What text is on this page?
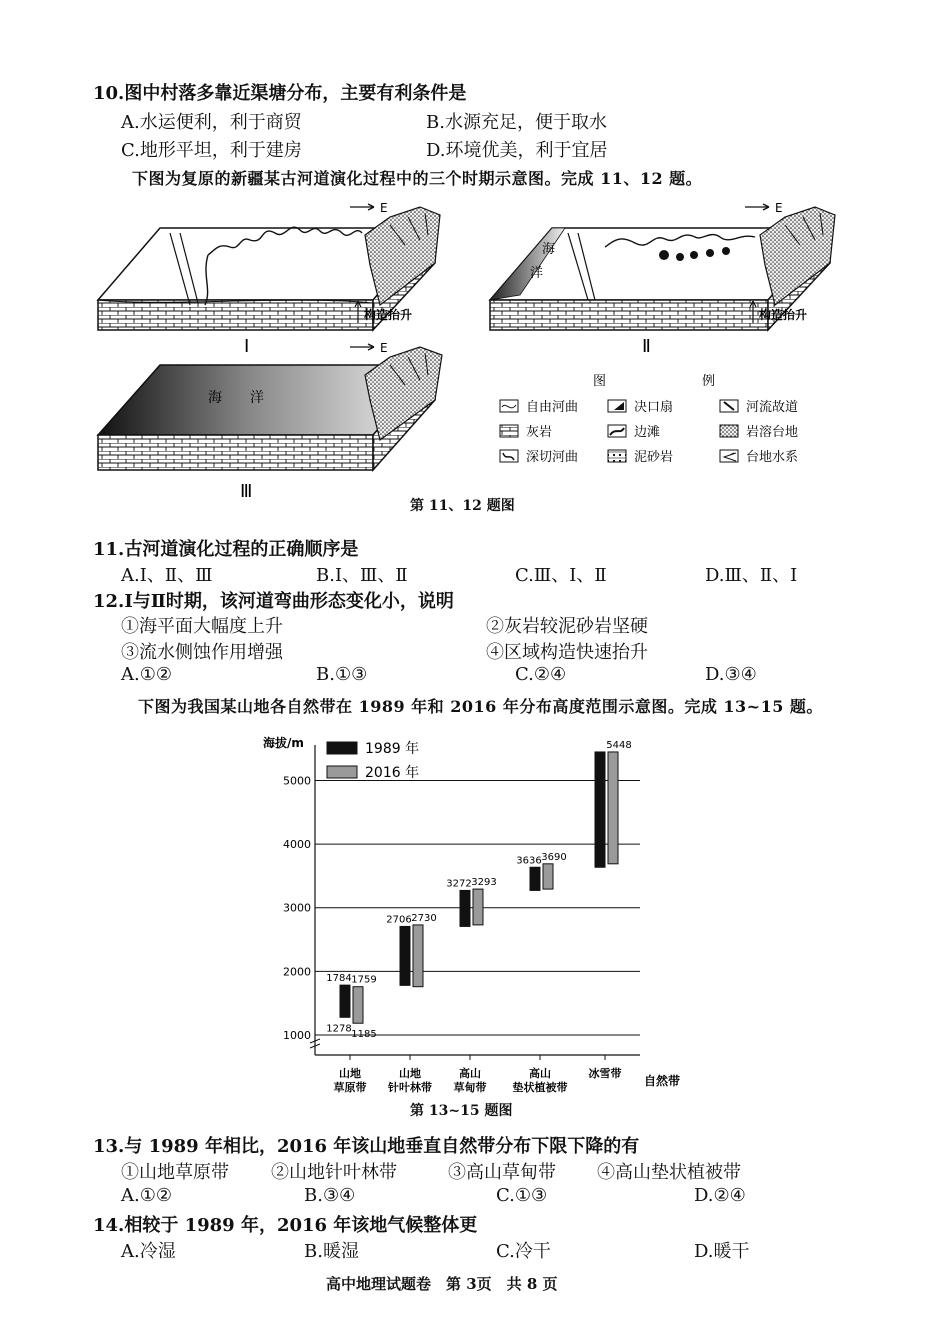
10.图中村落多靠近渠塘分布，主要有利条件是
A.水运便利，利于商贸	B.水源充足，便于取水
C.地形平坦，利于建房	D.环境优美，利于宜居
下图为复原的新疆某古河道演化过程中的三个时期示意图。完成 11、12 题。
E
构造抬升
Ⅰ
海
洋
E
构造抬升
Ⅱ
E
海　　洋
Ⅲ
图	例
自由河曲	决口扇	河流故道
灰岩	边滩	岩溶台地
深切河曲	泥砂岩	台地水系
第 11、12 题图
11.古河道演化过程的正确顺序是
A.Ⅰ、Ⅱ、Ⅲ	B.Ⅰ、Ⅲ、Ⅱ	C.Ⅲ、Ⅰ、Ⅱ	D.Ⅲ、Ⅱ、Ⅰ
12.Ⅰ与Ⅱ时期，该河道弯曲形态变化小，说明
①海平面大幅度上升	②灰岩较泥砂岩坚硬
③流水侧蚀作用增强	④区域构造快速抬升
A.①②	B.①③	C.②④	D.③④
下图为我国某山地各自然带在 1989 年和 2016 年分布高度范围示意图。完成 13~15 题。
1000
2000
3000
4000
5000
海拔/m
自然带
1989 年
2016 年
山地
草原带
山地
针叶林带
高山
草甸带
高山
垫状植被带
冰雪带
1784 1759
1278
1185
2706 2730
3272 3293
3636 3690
5448
第 13~15 题图
13.与 1989 年相比，2016 年该山地垂直自然带分布下限下降的有
①山地草原带 ②山地针叶林带	③高山草甸带 ④高山垫状植被带
A.①②	B.③④	C.①③	D.②④
14.相较于 1989 年，2016 年该地气候整体更
A.冷湿	B.暖湿	C.冷干	D.暖干
高中地理试题卷　第 3页　共 8 页
